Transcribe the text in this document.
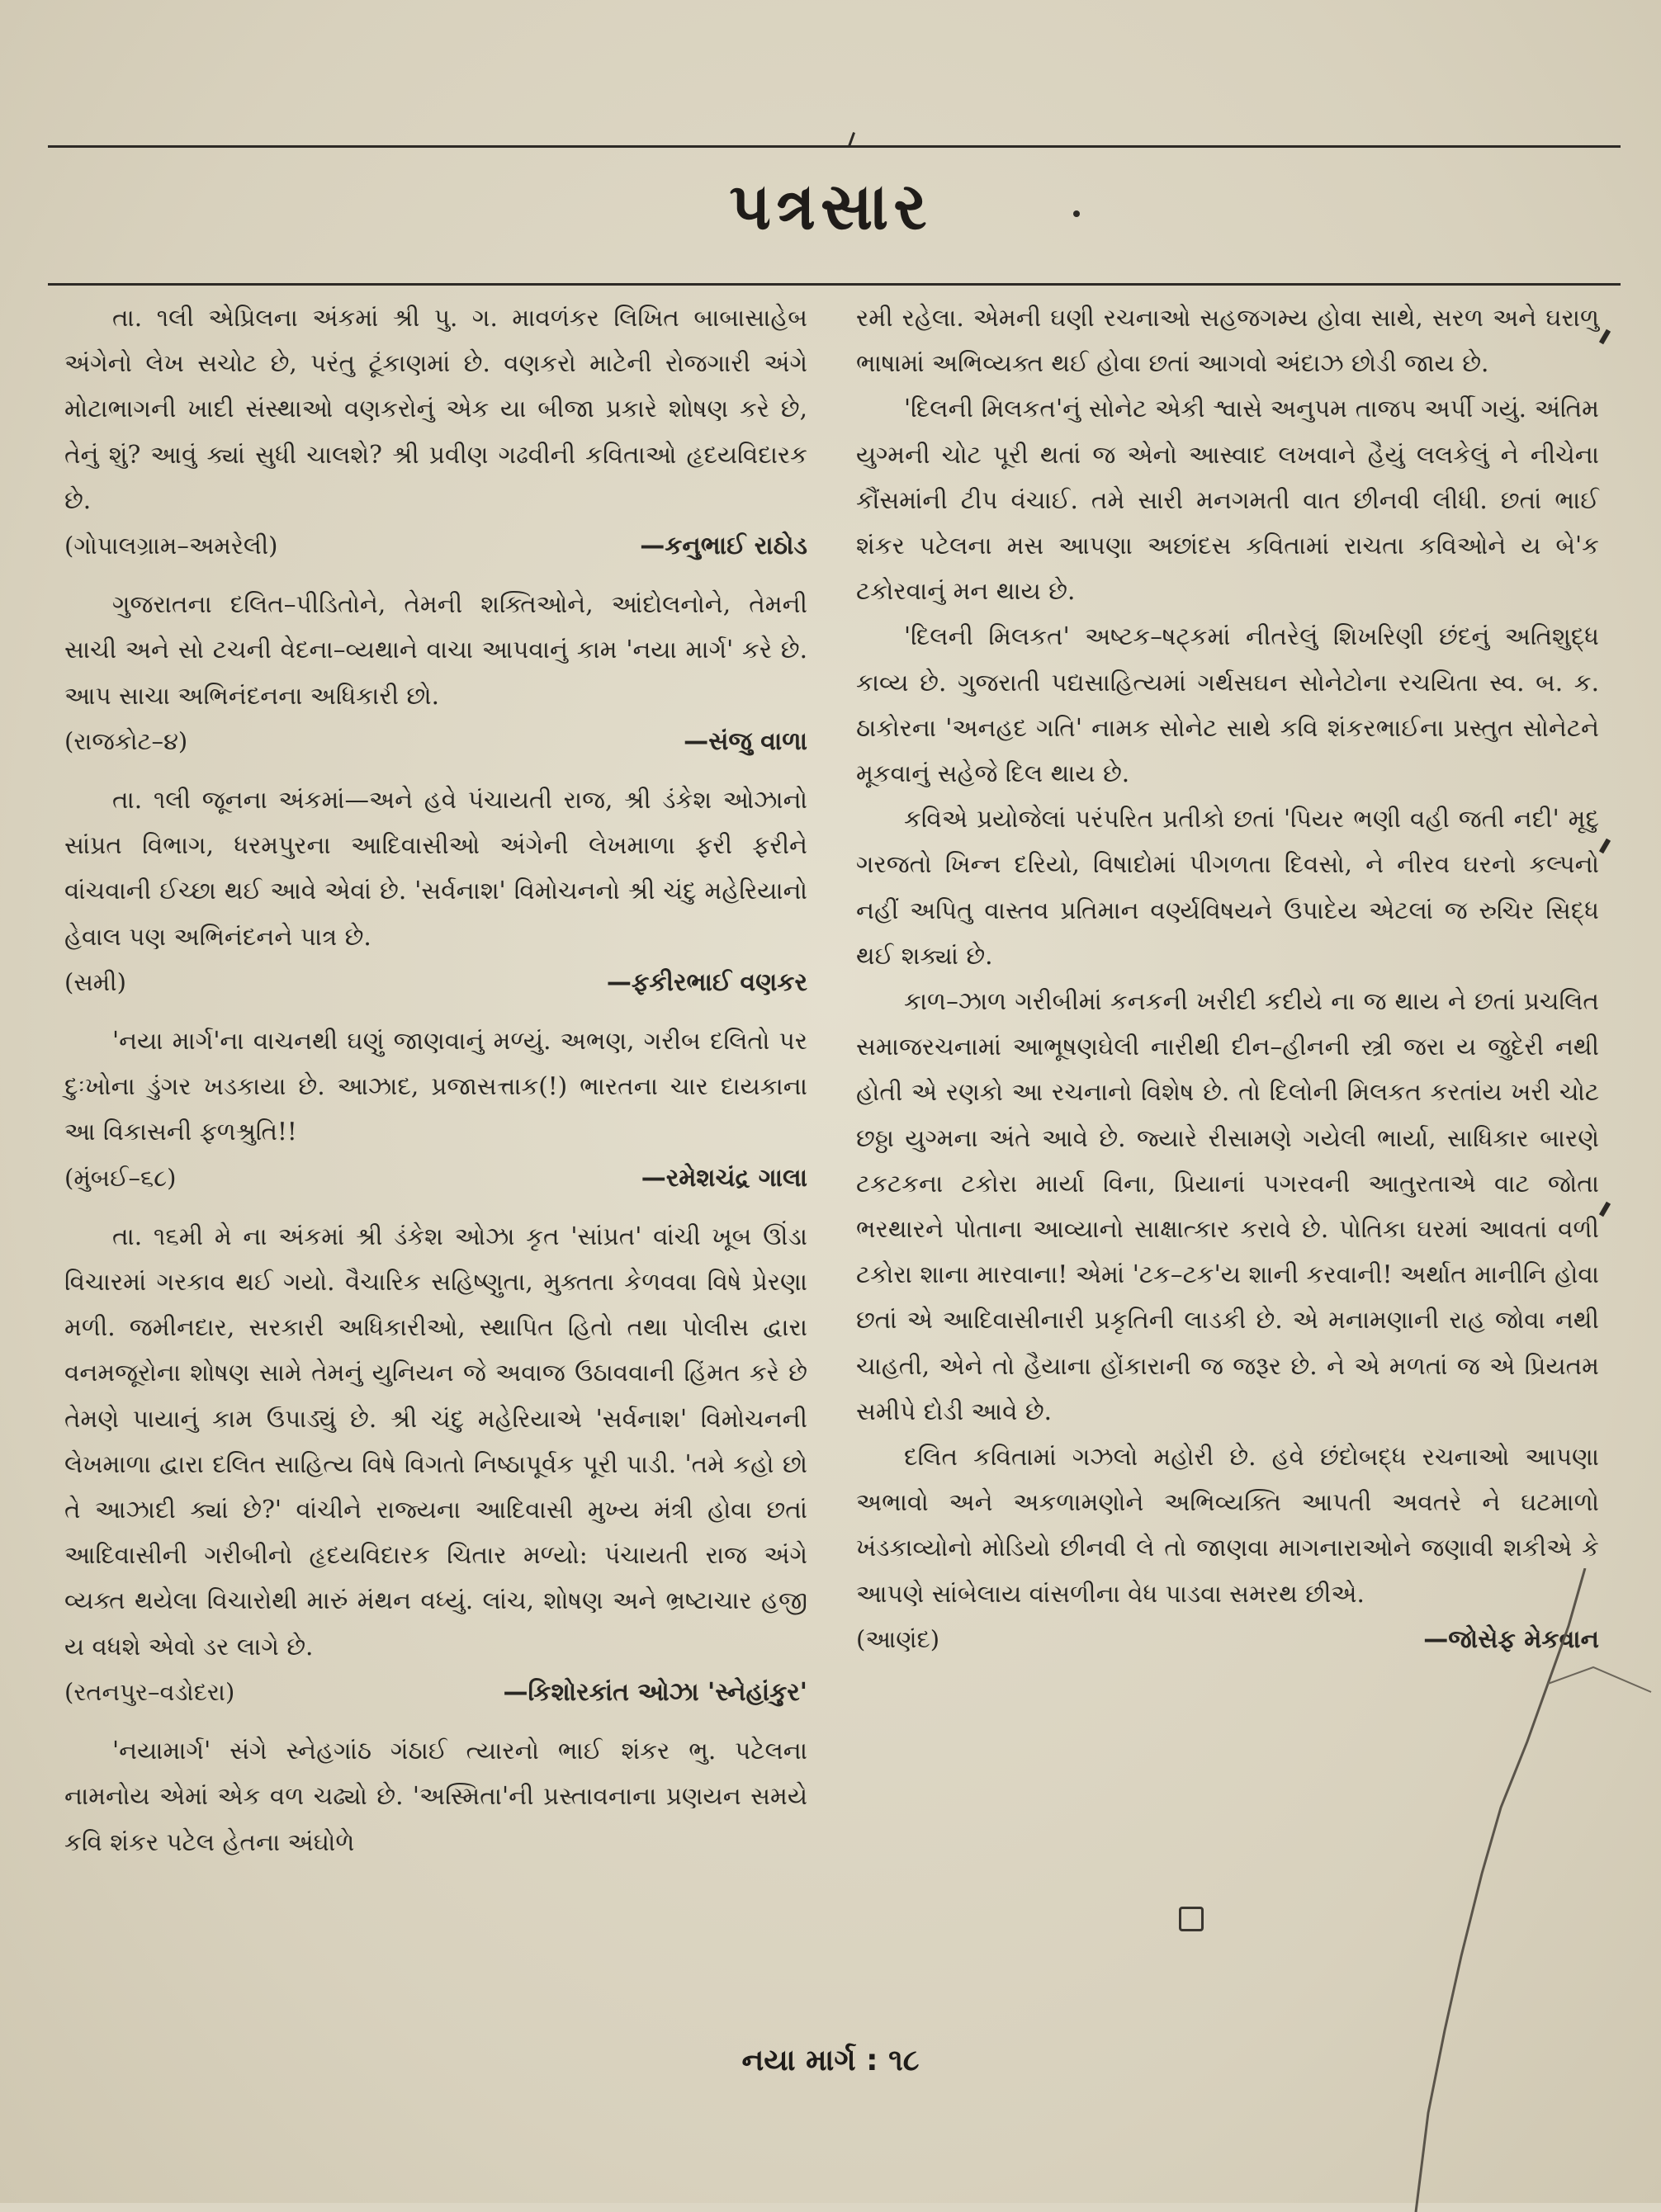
પત્રસાર

તા. ૧લી એપ્રિલના અંકમાં શ્રી પુ. ગ. માવળંકર લિખિત બાબાસાહેબ અંગેનો લેખ સચોટ છે, પરંતુ ટૂંકાણમાં છે. વણકરો માટેની રોજગારી અંગે મોટાભાગની ખાદી સંસ્થાઓ વણકરોનું એક યા બીજા પ્રકારે શોષણ કરે છે, તેનું શું? આવું ક્યાં સુધી ચાલશે? શ્રી પ્રવીણ ગઢવીની કવિતાઓ હૃદયવિદારક છે.

(ગોપાલગ્રામ–અમરેલી)	—કનુભાઈ રાઠોડ

ગુજરાતના દલિત–પીડિતોને, તેમની શક્તિઓને, આંદોલનોને, તેમની સાચી અને સો ટચની વેદના–વ્યથાને વાચા આપવાનું કામ 'નયા માર્ગ' કરે છે. આપ સાચા અભિનંદનના અધિકારી છો.

(રાજકોટ–૪)	—સંજુ વાળા

તા. ૧લી જૂનના અંકમાં—અને હવે પંચાયતી રાજ, શ્રી ડંકેશ ઓઝાનો સાંપ્રત વિભાગ, ધરમપુરના આદિવાસીઓ અંગેની લેખમાળા ફરી ફરીને વાંચવાની ઈચ્છા થઈ આવે એવાં છે. 'સર્વનાશ' વિમોચનનો શ્રી ચંદુ મહેરિયાનો હેવાલ પણ અભિનંદનને પાત્ર છે.

(સમી)	—ફકીરભાઈ વણકર

'નયા માર્ગ'ના વાચનથી ઘણું જાણવાનું મળ્યું. અભણ, ગરીબ દલિતો પર દુઃખોના ડુંગર ખડકાયા છે. આઝાદ, પ્રજાસત્તાક(!) ભારતના ચાર દાયકાના આ વિકાસની ફળશ્રુતિ!!

(મુંબઈ–૬૮)	—રમેશચંદ્ર ગાલા

તા. ૧૬મી મે ના અંકમાં શ્રી ડંકેશ ઓઝા કૃત 'સાંપ્રત' વાંચી ખૂબ ઊંડા વિચારમાં ગરકાવ થઈ ગયો. વૈચારિક સહિષ્ણુતા, મુક્તતા કેળવવા વિષે પ્રેરણા મળી. જમીનદાર, સરકારી અધિકારીઓ, સ્થાપિત હિતો તથા પોલીસ દ્વારા વનમજૂરોના શોષણ સામે તેમનું યુનિયન જે અવાજ ઉઠાવવાની હિંમત કરે છે તેમણે પાયાનું કામ ઉપાડ્યું છે. શ્રી ચંદુ મહેરિયાએ 'સર્વનાશ' વિમોચનની લેખમાળા દ્વારા દલિત સાહિત્ય વિષે વિગતો નિષ્ઠાપૂર્વક પૂરી પાડી. 'તમે કહો છો તે આઝાદી ક્યાં છે?' વાંચીને રાજ્યના આદિવાસી મુખ્ય મંત્રી હોવા છતાં આદિવાસીની ગરીબીનો હૃદયવિદારક ચિતાર મળ્યો: પંચાયતી રાજ અંગે વ્યક્ત થયેલા વિચારોથી મારું મંથન વધ્યું. લાંચ, શોષણ અને ભ્રષ્ટાચાર હજી ય વધશે એવો ડર લાગે છે.

(રતનપુર–વડોદરા)	—કિશોરકાંત ઓઝા 'સ્નેહાંકુર'

'નયામાર્ગ' સંગે સ્નેહગાંઠ ગંઠાઈ ત્યારનો ભાઈ શંકર ભુ. પટેલના નામનોય એમાં એક વળ ચઢ્યો છે. 'અસ્મિતા'ની પ્રસ્તાવનાના પ્રણયન સમયે કવિ શંકર પટેલ હેતના અંઘોળે

રમી રહેલા. એમની ઘણી રચનાઓ સહજગમ્ય હોવા સાથે, સરળ અને ઘરાળુ ભાષામાં અભિવ્યક્ત થઈ હોવા છતાં આગવો અંદાઝ છોડી જાય છે.

'દિલની મિલકત'નું સોનેટ એકી શ્વાસે અનુપમ તાજપ અર્પી ગયું. અંતિમ યુગ્મની ચોટ પૂરી થતાં જ એનો આસ્વાદ લખવાને હૈયું લલકેલું ને નીચેના કૌંસમાંની ટીપ વંચાઈ. તમે સારી મનગમતી વાત છીનવી લીધી. છતાં ભાઈ શંકર પટેલના મસ આપણા અછાંદસ કવિતામાં રાચતા કવિઓને ય બે'ક ટકોરવાનું મન થાય છે.

'દિલની મિલકત' અષ્ટક–ષટ્કમાં નીતરેલું શિખરિણી છંદનું અતિશુદ્ધ કાવ્ય છે. ગુજરાતી પદ્યસાહિત્યમાં ગર્થસઘન સોનેટોના રચયિતા સ્વ. બ. ક. ઠાકોરના 'અનહદ ગતિ' નામક સોનેટ સાથે કવિ શંકરભાઈના પ્રસ્તુત સોનેટને મૂકવાનું સહેજે દિલ થાય છે.

કવિએ પ્રયોજેલાં પરંપરિત પ્રતીકો છતાં 'પિયર ભણી વહી જતી નદી' મૃદુ ગરજતો ખિન્ન દરિયો, વિષાદોમાં પીગળતા દિવસો, ને નીરવ ઘરનો કલ્પનો નહીં અપિતુ વાસ્તવ પ્રતિમાન વર્ણ્યવિષયને ઉપાદેય એટલાં જ રુચિર સિદ્ધ થઈ શક્યાં છે.

કાળ–ઝાળ ગરીબીમાં કનકની ખરીદી કદીયે ના જ થાય ને છતાં પ્રચલિત સમાજરચનામાં આભૂષણઘેલી નારીથી દીન–હીનની સ્ત્રી જરા ય જુદેરી નથી હોતી એ રણકો આ રચનાનો વિશેષ છે. તો દિલોની મિલકત કરતાંય ખરી ચોટ છઠ્ઠા યુગ્મના અંતે આવે છે. જ્યારે રીસામણે ગયેલી ભાર્યા, સાધિકાર બારણે ટકટકના ટકોરા માર્યા વિના, પ્રિયાનાં પગરવની આતુરતાએ વાટ જોતા ભરથારને પોતાના આવ્યાનો સાક્ષાત્કાર કરાવે છે. પોતિકા ઘરમાં આવતાં વળી ટકોરા શાના મારવાના! એમાં 'ટક–ટક'ય શાની કરવાની! અર્થાત માનીનિ હોવા છતાં એ આદિવાસીનારી પ્રકૃતિની લાડકી છે. એ મનામણાની રાહ જોવા નથી ચાહતી, એને તો હૈયાના હોંકારાની જ જરૂર છે. ને એ મળતાં જ એ પ્રિયતમ સમીપે દોડી આવે છે.

દલિત કવિતામાં ગઝલો મહોરી છે. હવે છંદોબદ્ધ રચનાઓ આપણા અભાવો અને અકળામણોને અભિવ્યક્તિ આપતી અવતરે ને ઘટમાળો ખંડકાવ્યોનો મોડિયો છીનવી લે તો જાણવા માગનારાઓને જણાવી શકીએ કે આપણે સાંબેલાય વાંસળીના વેધ પાડવા સમરથ છીએ.

(આણંદ)	—જોસેફ મેકવાન
નયા માર્ગ : ૧૮
